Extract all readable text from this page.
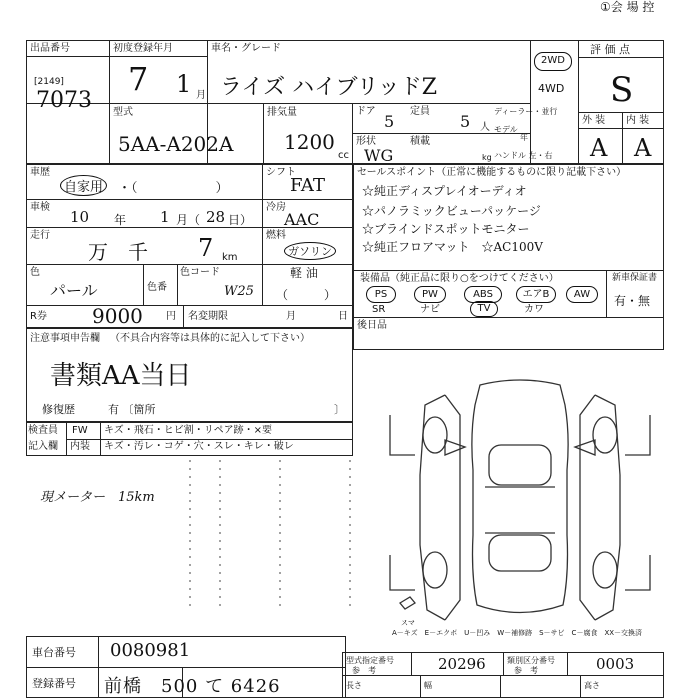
①会 場 控
出品番号
[2149]
7073
初度登録年月
7 1 月
車名・グレード
ライズ ハイブリッドZ
2WD
4WD
評 価 点
S
外 装 内 装
A A
型式
5AA-A202A
排気量
1200
cc
ドア
5
定員
5 人
ディーラー・並行
モデル
年
形状
WG
積載
kg ハンドル 左・右
車歴
自家用	・（　　　　　　）
シフト
FAT
車検
10 年 1 月（ 28 日）
冷房
AAC
走行
万　千 7 km
燃料
ガソリン
軽 油
（　　　）
色
パール	色番
色コード
W25
R券 9000 円 名変期限	月	日
セールスポイント（正常に機能するものに限り記載下さい）
☆純正ディスプレイオーディオ
☆パノラミックビューパッケージ
☆ブラインドスポットモニター
☆純正フロアマット　☆AC100V
装備品（純正品に限り○をつけてください）
PS	PW	ABS	エアB	AW
SR	ナビ	TV	カワ
新車保証書
有・無
後日品
注意事項申告欄 （不具合内容等は具体的に記入して下さい）
書類AA当日
修復歴	有 〔箇所	〕
検査員
記入欄
FW キズ・飛石・ヒビ割・リペア跡・×要
内装 キズ・汚レ・コゲ・穴・スレ・キレ・破レ
現メーター　15km
スマ
A－キズ　E－エクボ　U－凹み　W－補修跡　S－サビ　C－腐食　XX－交換済
車台番号 0080981
登録番号 前橋　500 て 6426
型式指定番号
参　考	20296	類別区分番号
参　考	0003
長さ	幅	高さ
